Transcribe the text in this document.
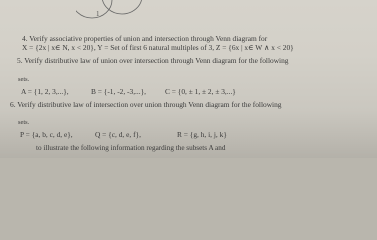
1
4. Verify associative properties of union and intersection through Venn diagram for
X = {2x | x∈ N, x < 20}, Y = Set of first 6 natural multiples of 3, Z = {6x | x∈ W ∧ x < 20}
5. Verify distributive law of union over intersection through Venn diagram for the following
sets.
A = {1, 2, 3,...},	B = {-1, -2, -3,...},	C = {0, ± 1, ± 2, ± 3,...}
6. Verify distributive law of intersection over union through Venn diagram for the following
sets.
P = {a, b, c, d, e},	Q = {c, d, e, f},	R = {g, h, i, j, k}
to illustrate the following information regarding the subsets A and
